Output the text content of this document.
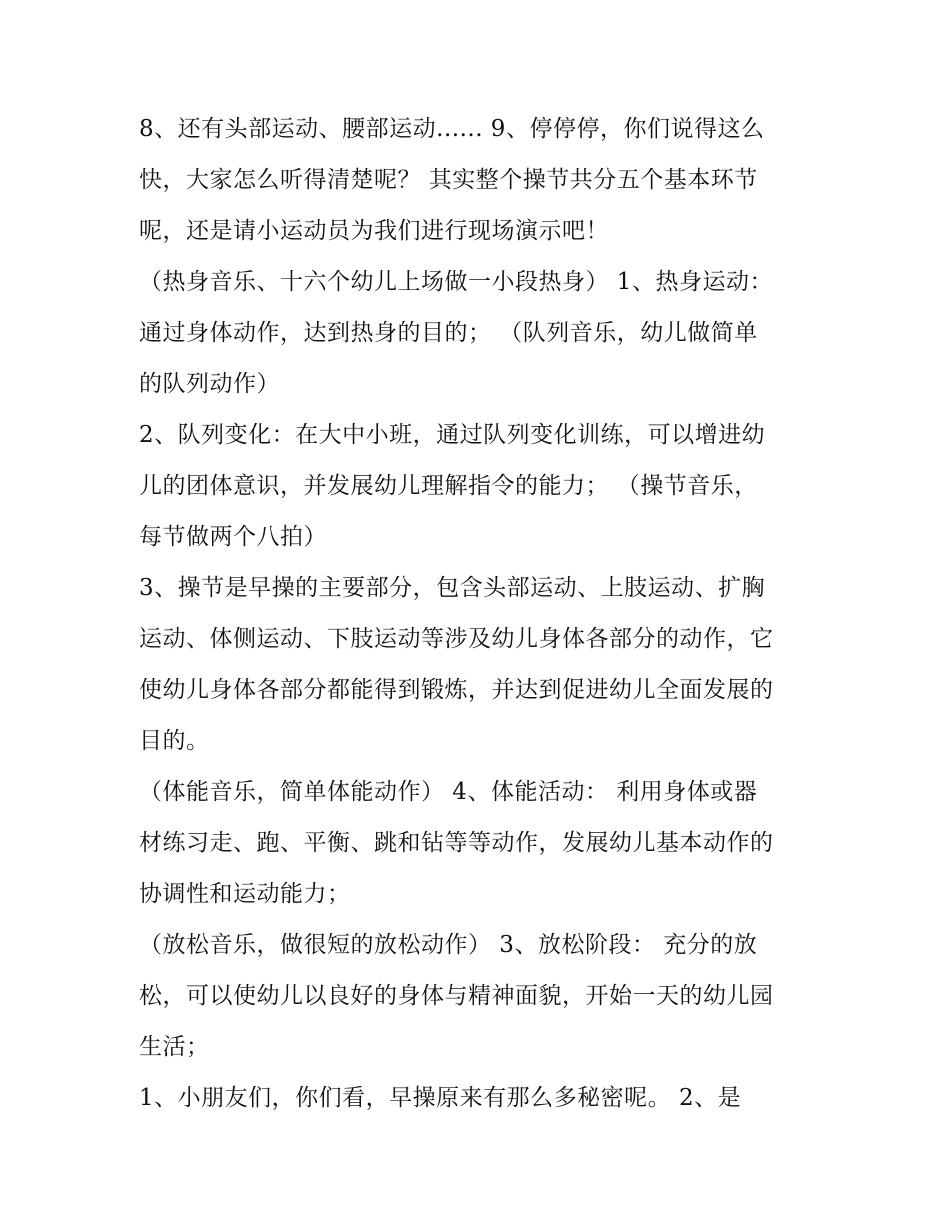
8、还有头部运动、腰部运动...... 9、停停停，你们说得这么
快，大家怎么听得清楚呢？ 其实整个操节共分五个基本环节
呢，还是请小运动员为我们进行现场演示吧！

（热身音乐、十六个幼儿上场做一小段热身） 1、热身运动：
通过身体动作，达到热身的目的； （队列音乐，幼儿做简单
的队列动作）

2、队列变化：在大中小班，通过队列变化训练，可以增进幼
儿的团体意识，并发展幼儿理解指令的能力； （操节音乐，
每节做两个八拍）

3、操节是早操的主要部分，包含头部运动、上肢运动、扩胸
运动、体侧运动、下肢运动等涉及幼儿身体各部分的动作，它
使幼儿身体各部分都能得到锻炼，并达到促进幼儿全面发展的
目的。

（体能音乐，简单体能动作） 4、体能活动： 利用身体或器
材练习走、跑、平衡、跳和钻等等动作，发展幼儿基本动作的
协调性和运动能力；

（放松音乐，做很短的放松动作） 3、放松阶段： 充分的放
松，可以使幼儿以良好的身体与精神面貌，开始一天的幼儿园
生活；

1、小朋友们，你们看，早操原来有那么多秘密呢。 2、是
